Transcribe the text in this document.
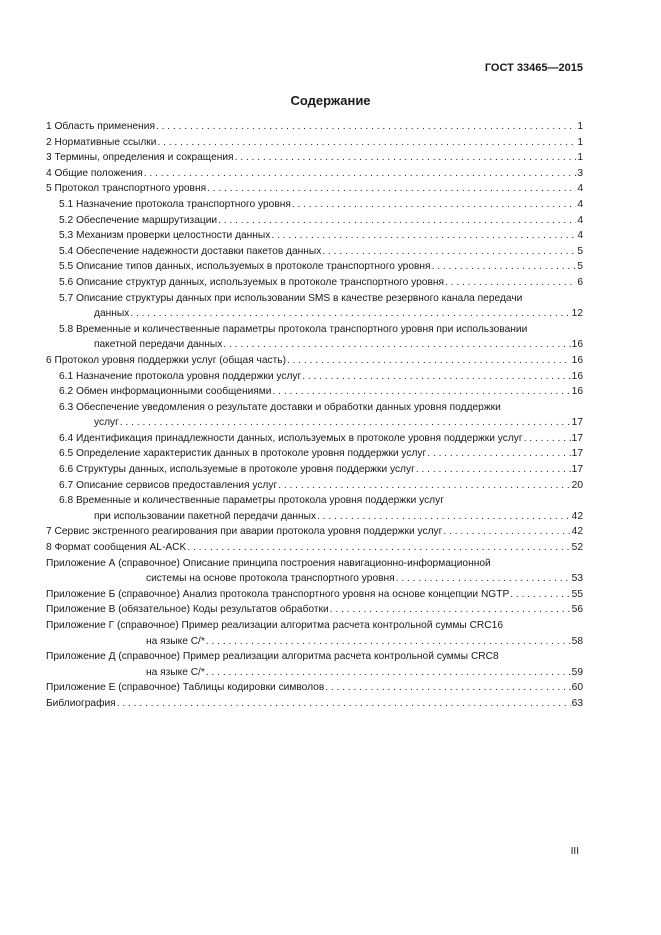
ГОСТ 33465—2015
Содержание
1 Область применения . . .	1
2 Нормативные ссылки . . .	1
3 Термины, определения и сокращения . . .	1
4 Общие положения . . .	3
5 Протокол транспортного уровня . . .	4
5.1 Назначение протокола транспортного уровня . . .	4
5.2 Обеспечение маршрутизации . . .	4
5.3 Механизм проверки целостности данных . . .	4
5.4 Обеспечение надежности доставки пакетов данных . . .	5
5.5 Описание типов данных, используемых в протоколе транспортного уровня . . .	5
5.6 Описание структур данных, используемых в протоколе транспортного уровня . . .	6
5.7 Описание структуры данных при использовании SMS в качестве резервного канала передачи
данных . . .	12
5.8 Временные и количественные параметры протокола транспортного уровня при использовании
пакетной передачи данных . . .	16
6 Протокол уровня поддержки услуг (общая часть) . . .	16
6.1 Назначение протокола уровня поддержки услуг . . .	16
6.2 Обмен информационными сообщениями . . .	16
6.3 Обеспечение уведомления о результате доставки и обработки данных уровня поддержки
услуг . . .	17
6.4 Идентификация принадлежности данных, используемых в протоколе уровня поддержки услуг . . .	17
6.5 Определение характеристик данных в протоколе уровня поддержки услуг . . .	17
6.6 Структуры данных, используемые в протоколе уровня поддержки услуг . . .	17
6.7 Описание сервисов предоставления услуг . . .	20
6.8 Временные и количественные параметры протокола уровня поддержки услуг
при использовании пакетной передачи данных . . .	42
7 Сервис экстренного реагирования при аварии протокола уровня поддержки услуг . . .	42
8 Формат сообщения AL-ACK . . .	52
Приложение А (справочное) Описание принципа построения навигационно-информационной
системы на основе протокола транспортного уровня . . .	53
Приложение Б (справочное) Анализ протокола транспортного уровня на основе концепции NGTP . . .	55
Приложение В (обязательное) Коды результатов обработки . . .	56
Приложение Г (справочное) Пример реализации алгоритма расчета контрольной суммы CRC16
на языке С/* . . .	58
Приложение Д (справочное) Пример реализации алгоритма расчета контрольной суммы CRC8
на языке С/* . . .	59
Приложение Е (справочное) Таблицы кодировки символов . . .	60
Библиография . . .	63
III
